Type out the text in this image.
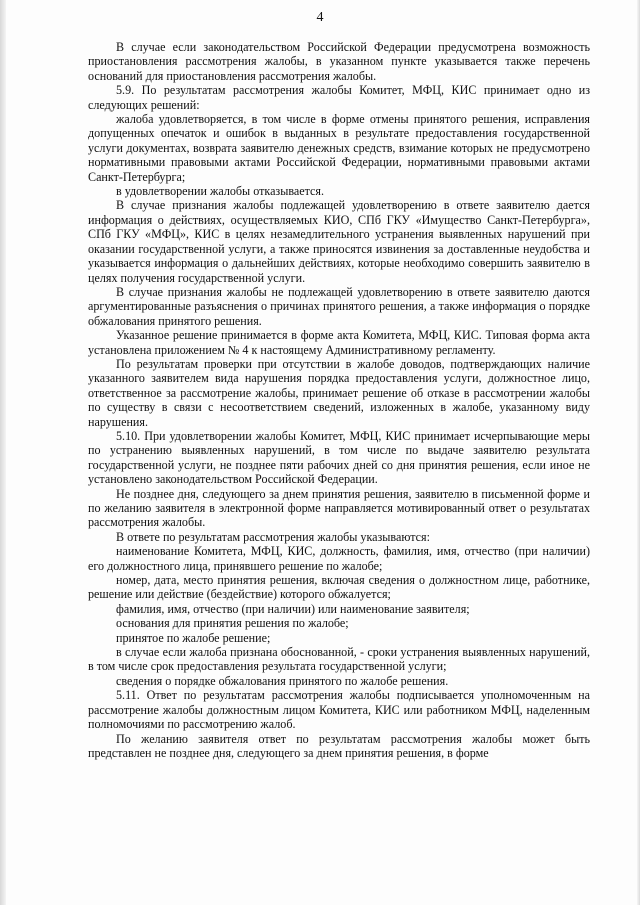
4

В случае если законодательством Российской Федерации предусмотрена возможность приостановления рассмотрения жалобы, в указанном пункте указывается также перечень оснований для приостановления рассмотрения жалобы.

5.9. По результатам рассмотрения жалобы Комитет, МФЦ, КИС принимает одно из следующих решений:

жалоба удовлетворяется, в том числе в форме отмены принятого решения, исправления допущенных опечаток и ошибок в выданных в результате предоставления государственной услуги документах, возврата заявителю денежных средств, взимание которых не предусмотрено нормативными правовыми актами Российской Федерации, нормативными правовыми актами Санкт-Петербурга;

в удовлетворении жалобы отказывается.

В случае признания жалобы подлежащей удовлетворению в ответе заявителю дается информация о действиях, осуществляемых КИО, СПб ГКУ «Имущество Санкт-Петербурга», СПб ГКУ «МФЦ», КИС в целях незамедлительного устранения выявленных нарушений при оказании государственной услуги, а также приносятся извинения за доставленные неудобства и указывается информация о дальнейших действиях, которые необходимо совершить заявителю в целях получения государственной услуги.

В случае признания жалобы не подлежащей удовлетворению в ответе заявителю даются аргументированные разъяснения о причинах принятого решения, а также информация о порядке обжалования принятого решения.

Указанное решение принимается в форме акта Комитета, МФЦ, КИС. Типовая форма акта установлена приложением № 4 к настоящему Административному регламенту.

По результатам проверки при отсутствии в жалобе доводов, подтверждающих наличие указанного заявителем вида нарушения порядка предоставления услуги, должностное лицо, ответственное за рассмотрение жалобы, принимает решение об отказе в рассмотрении жалобы по существу в связи с несоответствием сведений, изложенных в жалобе, указанному виду нарушения.

5.10. При удовлетворении жалобы Комитет, МФЦ, КИС принимает исчерпывающие меры по устранению выявленных нарушений, в том числе по выдаче заявителю результата государственной услуги, не позднее пяти рабочих дней со дня принятия решения, если иное не установлено законодательством Российской Федерации.

Не позднее дня, следующего за днем принятия решения, заявителю в письменной форме и по желанию заявителя в электронной форме направляется мотивированный ответ о результатах рассмотрения жалобы.

В ответе по результатам рассмотрения жалобы указываются:

наименование Комитета, МФЦ, КИС, должность, фамилия, имя, отчество (при наличии) его должностного лица, принявшего решение по жалобе;

номер, дата, место принятия решения, включая сведения о должностном лице, работнике, решение или действие (бездействие) которого обжалуется;

фамилия, имя, отчество (при наличии) или наименование заявителя;

основания для принятия решения по жалобе;

принятое по жалобе решение;

в случае если жалоба признана обоснованной, - сроки устранения выявленных нарушений, в том числе срок предоставления результата государственной услуги;

сведения о порядке обжалования принятого по жалобе решения.

5.11. Ответ по результатам рассмотрения жалобы подписывается уполномоченным на рассмотрение жалобы должностным лицом Комитета, КИС или работником МФЦ, наделенным полномочиями по рассмотрению жалоб.

По желанию заявителя ответ по результатам рассмотрения жалобы может быть представлен не позднее дня, следующего за днем принятия решения, в форме
